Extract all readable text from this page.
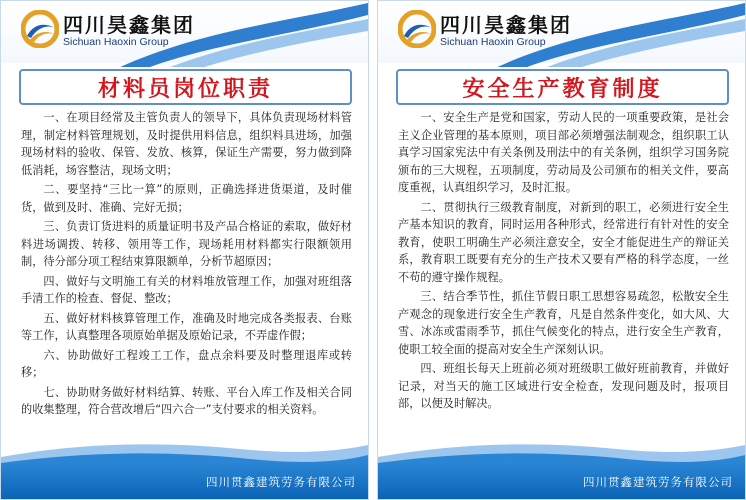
四川昊鑫集团
Sichuan Haoxin Group
材料员岗位职责

一、在项目经常及主管负责人的领导下，具体负责现场材料管理，制定材料管理规划，及时提供用料信息，组织料具进场，加强现场材料的验收、保管、发放、核算，保证生产需要，努力做到降低消耗，场容整洁，现场文明；

二、要坚持“三比一算”的原则，正确选择进货渠道，及时催货，做到及时、准确、完好无损；

三、负责订货进料的质量证明书及产品合格证的索取，做好材料进场调拨、转移、领用等工作，现场耗用材料都实行限额领用制，待分部分项工程结束算限额单，分析节超原因；

四、做好与文明施工有关的材料堆放管理工作，加强对班组落手清工作的检查、督促、整改；

五、做好材料核算管理工作，准确及时地完成各类报表、台账等工作，认真整理各项原始单据及原始记录，不弄虚作假；

六、协助做好工程竣工工作，盘点余料要及时整理退库或转移；

七、协助财务做好材料结算、转账、平台入库工作及相关合同的收集整理，符合营改增后“四六合一”支付要求的相关资料。

四川贯鑫建筑劳务有限公司
四川昊鑫集团
Sichuan Haoxin Group
安全生产教育制度

一、安全生产是党和国家，劳动人民的一项重要政策，是社会主义企业管理的基本原则，项目部必须增强法制观念，组织职工认真学习国家宪法中有关条例及刑法中的有关条例，组织学习国务院颁布的三大规程，五项制度，劳动局及公司颁布的相关文件，要高度重视，认真组织学习，及时汇报。

二、贯彻执行三级教育制度，对新到的职工，必须进行安全生产基本知识的教育，同时运用各种形式，经常进行有针对性的安全教育，使职工明确生产必须注意安全，安全才能促进生产的辩证关系，教育职工既要有充分的生产技术又要有严格的科学态度，一丝不苟的遵守操作规程。

三、结合季节性，抓住节假日职工思想容易疏忽，松散安全生产观念的现象进行安全生产教育，凡是自然条件变化，如大风、大雪、冰冻或雷雨季节，抓住气候变化的特点，进行安全生产教育，使职工较全面的提高对安全生产深刻认识。

四、班组长每天上班前必须对班级职工做好班前教育，并做好记录，对当天的施工区域进行安全检查，发现问题及时，报项目部，以便及时解决。

四川贯鑫建筑劳务有限公司
